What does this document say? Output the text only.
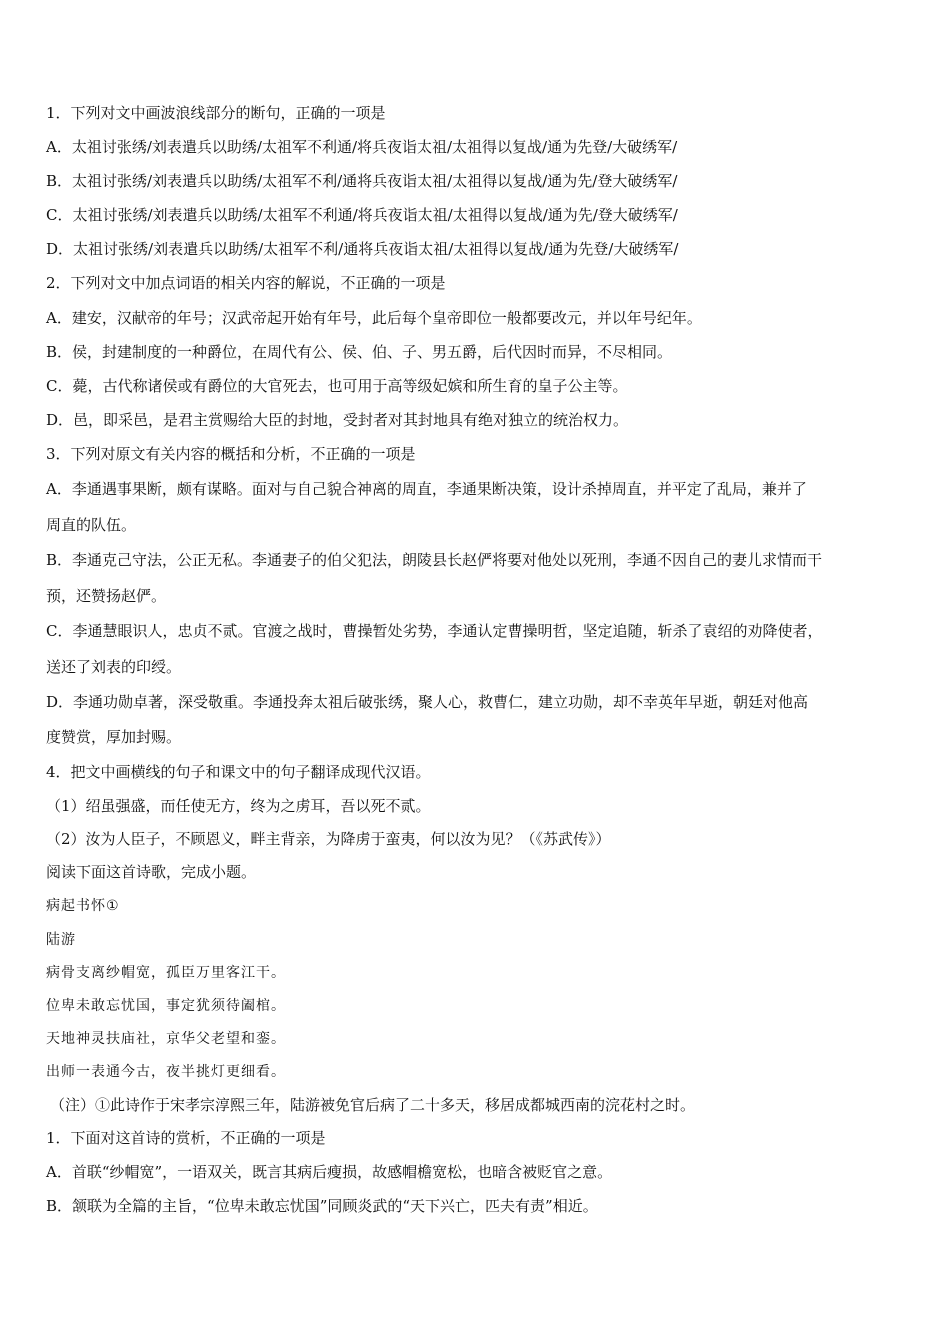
1．下列对文中画波浪线部分的断句，正确的一项是
A．太祖讨张绣/刘表遣兵以助绣/太祖军不利通/将兵夜诣太祖/太祖得以复战/通为先登/大破绣军/
B．太祖讨张绣/刘表遣兵以助绣/太祖军不利/通将兵夜诣太祖/太祖得以复战/通为先/登大破绣军/
C．太祖讨张绣/刘表遣兵以助绣/太祖军不利通/将兵夜诣太祖/太祖得以复战/通为先/登大破绣军/
D．太祖讨张绣/刘表遣兵以助绣/太祖军不利/通将兵夜诣太祖/太祖得以复战/通为先登/大破绣军/
2．下列对文中加点词语的相关内容的解说，不正确的一项是
A．建安，汉献帝的年号；汉武帝起开始有年号，此后每个皇帝即位一般都要改元，并以年号纪年。
B．侯，封建制度的一种爵位，在周代有公、侯、伯、子、男五爵，后代因时而异，不尽相同。
C．薨，古代称诸侯或有爵位的大官死去，也可用于高等级妃嫔和所生育的皇子公主等。
D．邑，即采邑，是君主赏赐给大臣的封地，受封者对其封地具有绝对独立的统治权力。
3．下列对原文有关内容的概括和分析，不正确的一项是
A．李通遇事果断，颇有谋略。面对与自己貌合神离的周直，李通果断决策，设计杀掉周直，并平定了乱局，兼并了
周直的队伍。
B．李通克己守法，公正无私。李通妻子的伯父犯法，朗陵县长赵俨将要对他处以死刑，李通不因自己的妻儿求情而干
预，还赞扬赵俨。
C．李通慧眼识人，忠贞不贰。官渡之战时，曹操暂处劣势，李通认定曹操明哲，坚定追随，斩杀了袁绍的劝降使者，
送还了刘表的印绶。
D．李通功勋卓著，深受敬重。李通投奔太祖后破张绣，聚人心，救曹仁，建立功勋，却不幸英年早逝，朝廷对他高
度赞赏，厚加封赐。
4．把文中画横线的句子和课文中的句子翻译成现代汉语。
（1）绍虽强盛，而任使无方，终为之虏耳，吾以死不贰。
（2）汝为人臣子，不顾恩义，畔主背亲，为降虏于蛮夷，何以汝为见？（《苏武传》）
阅读下面这首诗歌，完成小题。
病起书怀①
陆游
病骨支离纱帽宽，孤臣万里客江干。
位卑未敢忘忧国，事定犹须待阖棺。
天地神灵扶庙社，京华父老望和銮。
出师一表通今古，夜半挑灯更细看。
（注）①此诗作于宋孝宗淳熙三年，陆游被免官后病了二十多天，移居成都城西南的浣花村之时。
1．下面对这首诗的赏析，不正确的一项是
A．首联“纱帽宽”，一语双关，既言其病后瘦损，故感帽檐宽松，也暗含被贬官之意。
B．颔联为全篇的主旨，“位卑未敢忘忧国”同顾炎武的“天下兴亡，匹夫有责”相近。
